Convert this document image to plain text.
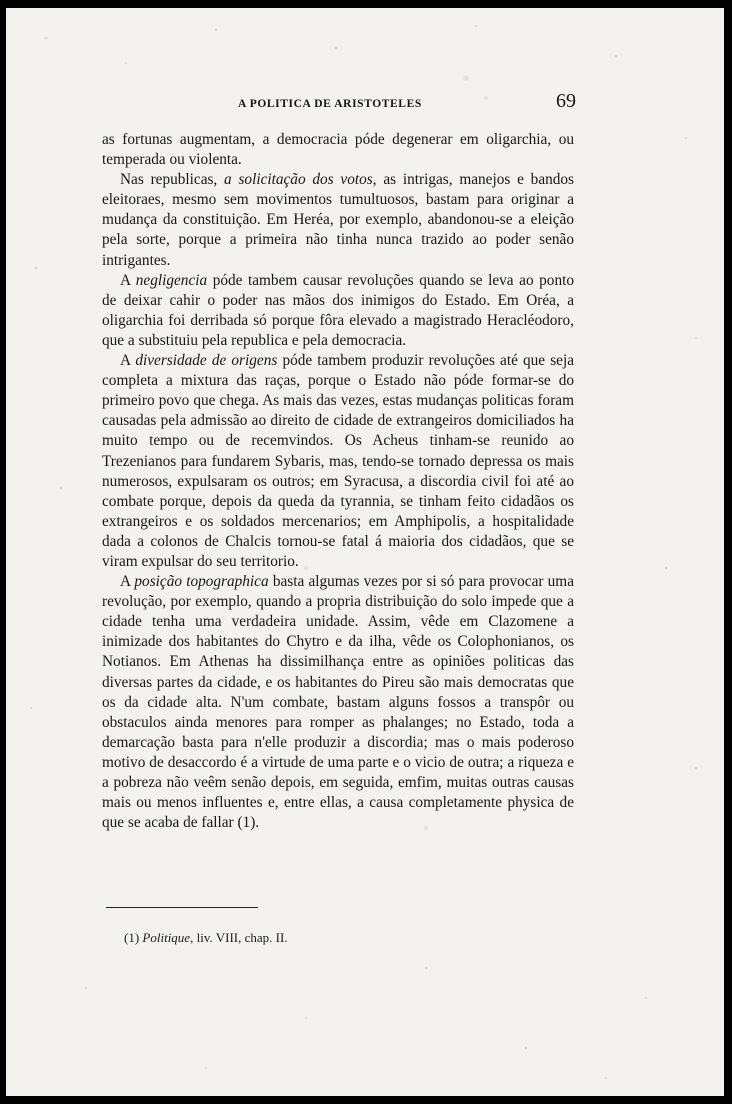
A POLITICA DE ARISTOTELES	69

as fortunas augmentam, a democracia póde degenerar em oligarchia, ou temperada ou violenta.

Nas republicas, a solicitação dos votos, as intrigas, manejos e bandos eleitoraes, mesmo sem movimentos tumultuosos, bastam para originar a mudança da constituição. Em Heréa, por exemplo, abandonou-se a eleição pela sorte, porque a primeira não tinha nunca trazido ao poder senão intrigantes.

A negligencia póde tambem causar revoluções quando se leva ao ponto de deixar cahir o poder nas mãos dos inimigos do Estado. Em Oréa, a oligarchia foi derribada só porque fôra elevado a magistrado Heracléodoro, que a substituiu pela republica e pela democracia.

A diversidade de origens póde tambem produzir revoluções até que seja completa a mixtura das raças, porque o Estado não póde formar-se do primeiro povo que chega. As mais das vezes, estas mudanças politicas foram causadas pela admissão ao direito de cidade de extrangeiros domiciliados ha muito tempo ou de recemvindos. Os Acheus tinham-se reunido ao Trezenianos para fundarem Sybaris, mas, tendo-se tornado depressa os mais numerosos, expulsaram os outros; em Syracusa, a discordia civil foi até ao combate porque, depois da queda da tyrannia, se tinham feito cidadãos os extrangeiros e os soldados mercenarios; em Amphipolis, a hospitalidade dada a colonos de Chalcis tornou-se fatal á maioria dos cidadãos, que se viram expulsar do seu territorio.

A posição topographica basta algumas vezes por si só para provocar uma revolução, por exemplo, quando a propria distribuição do solo impede que a cidade tenha uma verdadeira unidade. Assim, vêde em Clazomene a inimizade dos habitantes do Chytro e da ilha, vêde os Colophonianos, os Notianos. Em Athenas ha dissimilhança entre as opiniões politicas das diversas partes da cidade, e os habitantes do Pireu são mais democratas que os da cidade alta. N'um combate, bastam alguns fossos a transpôr ou obstaculos ainda menores para romper as phalanges; no Estado, toda a demarcação basta para n'elle produzir a discordia; mas o mais poderoso motivo de desaccordo é a virtude de uma parte e o vicio de outra; a riqueza e a pobreza não veêm senão depois, em seguida, emfim, muitas outras causas mais ou menos influentes e, entre ellas, a causa completamente physica de que se acaba de fallar (1).

(1) Politique, liv. VIII, chap. II.
